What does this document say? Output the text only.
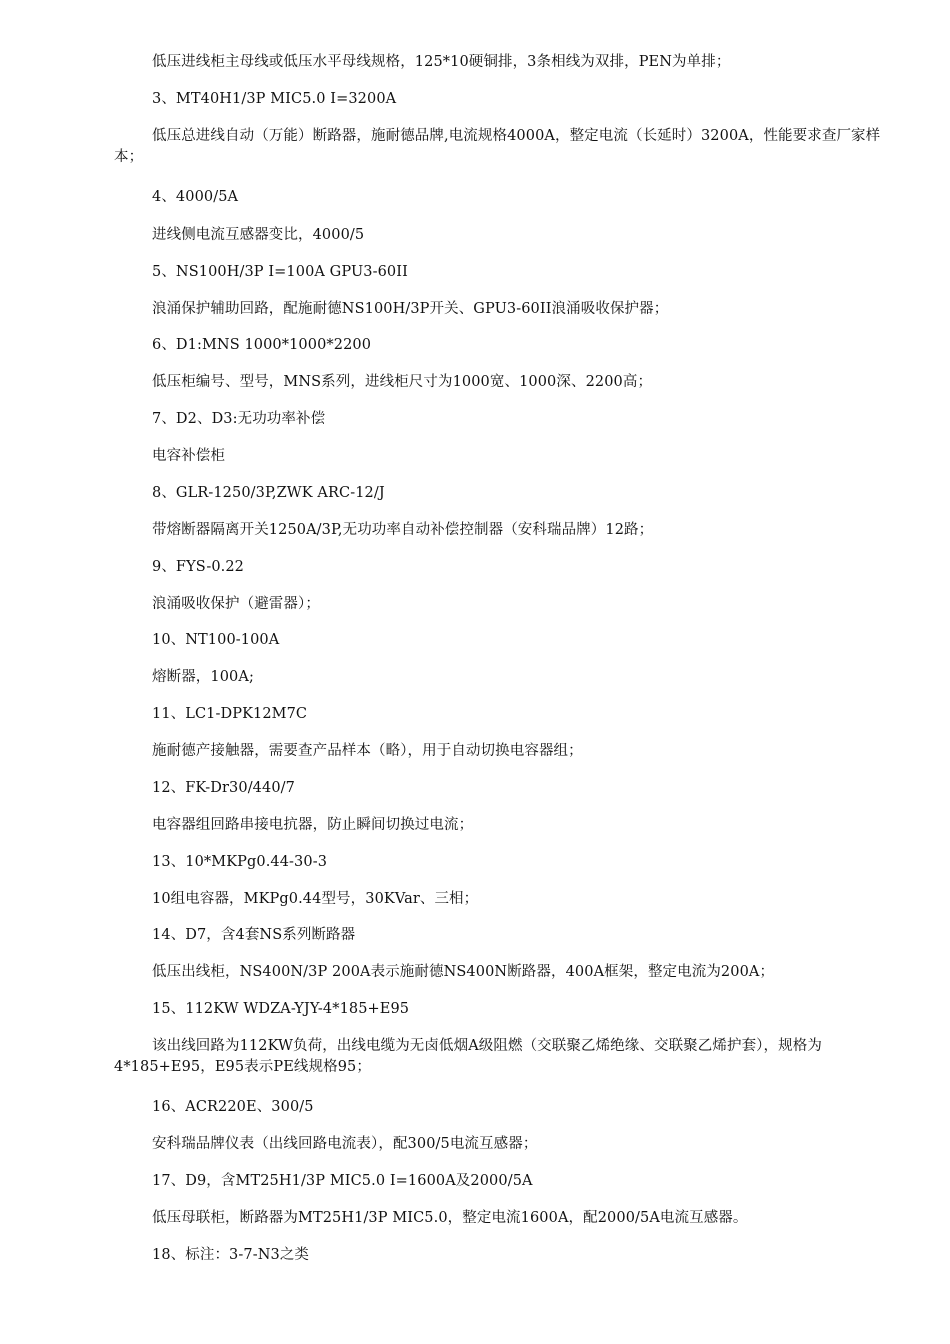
低压进线柜主母线或低压水平母线规格，125*10硬铜排，3条相线为双排，PEN为单排；

3、MT40H1/3P MIC5.0 I=3200A

低压总进线自动（万能）断路器，施耐德品牌,电流规格4000A，整定电流（长延时）3200A，性能要求查厂家样本；

4、4000/5A

进线侧电流互感器变比，4000/5

5、NS100H/3P I=100A GPU3-60II

浪涌保护辅助回路，配施耐德NS100H/3P开关、GPU3-60II浪涌吸收保护器；

6、D1:MNS 1000*1000*2200

低压柜编号、型号，MNS系列，进线柜尺寸为1000宽、1000深、2200高；

7、D2、D3:无功功率补偿

电容补偿柜

8、GLR-1250/3P,ZWK ARC-12/J

带熔断器隔离开关1250A/3P,无功功率自动补偿控制器（安科瑞品牌）12路；

9、FYS-0.22

浪涌吸收保护（避雷器）；

10、NT100-100A

熔断器，100A;

11、LC1-DPK12M7C

施耐德产接触器，需要查产品样本（略），用于自动切换电容器组；

12、FK-Dr30/440/7

电容器组回路串接电抗器，防止瞬间切换过电流；

13、10*MKPg0.44-30-3

10组电容器，MKPg0.44型号，30KVar、三相；

14、D7，含4套NS系列断路器

低压出线柜，NS400N/3P 200A表示施耐德NS400N断路器，400A框架，整定电流为200A；

15、112KW WDZA-YJY-4*185+E95

该出线回路为112KW负荷，出线电缆为无卤低烟A级阻燃（交联聚乙烯绝缘、交联聚乙烯护套），规格为4*185+E95，E95表示PE线规格95；

16、ACR220E、300/5

安科瑞品牌仪表（出线回路电流表），配300/5电流互感器；

17、D9，含MT25H1/3P MIC5.0 I=1600A及2000/5A

低压母联柜，断路器为MT25H1/3P MIC5.0，整定电流1600A，配2000/5A电流互感器。

18、标注：3-7-N3之类
